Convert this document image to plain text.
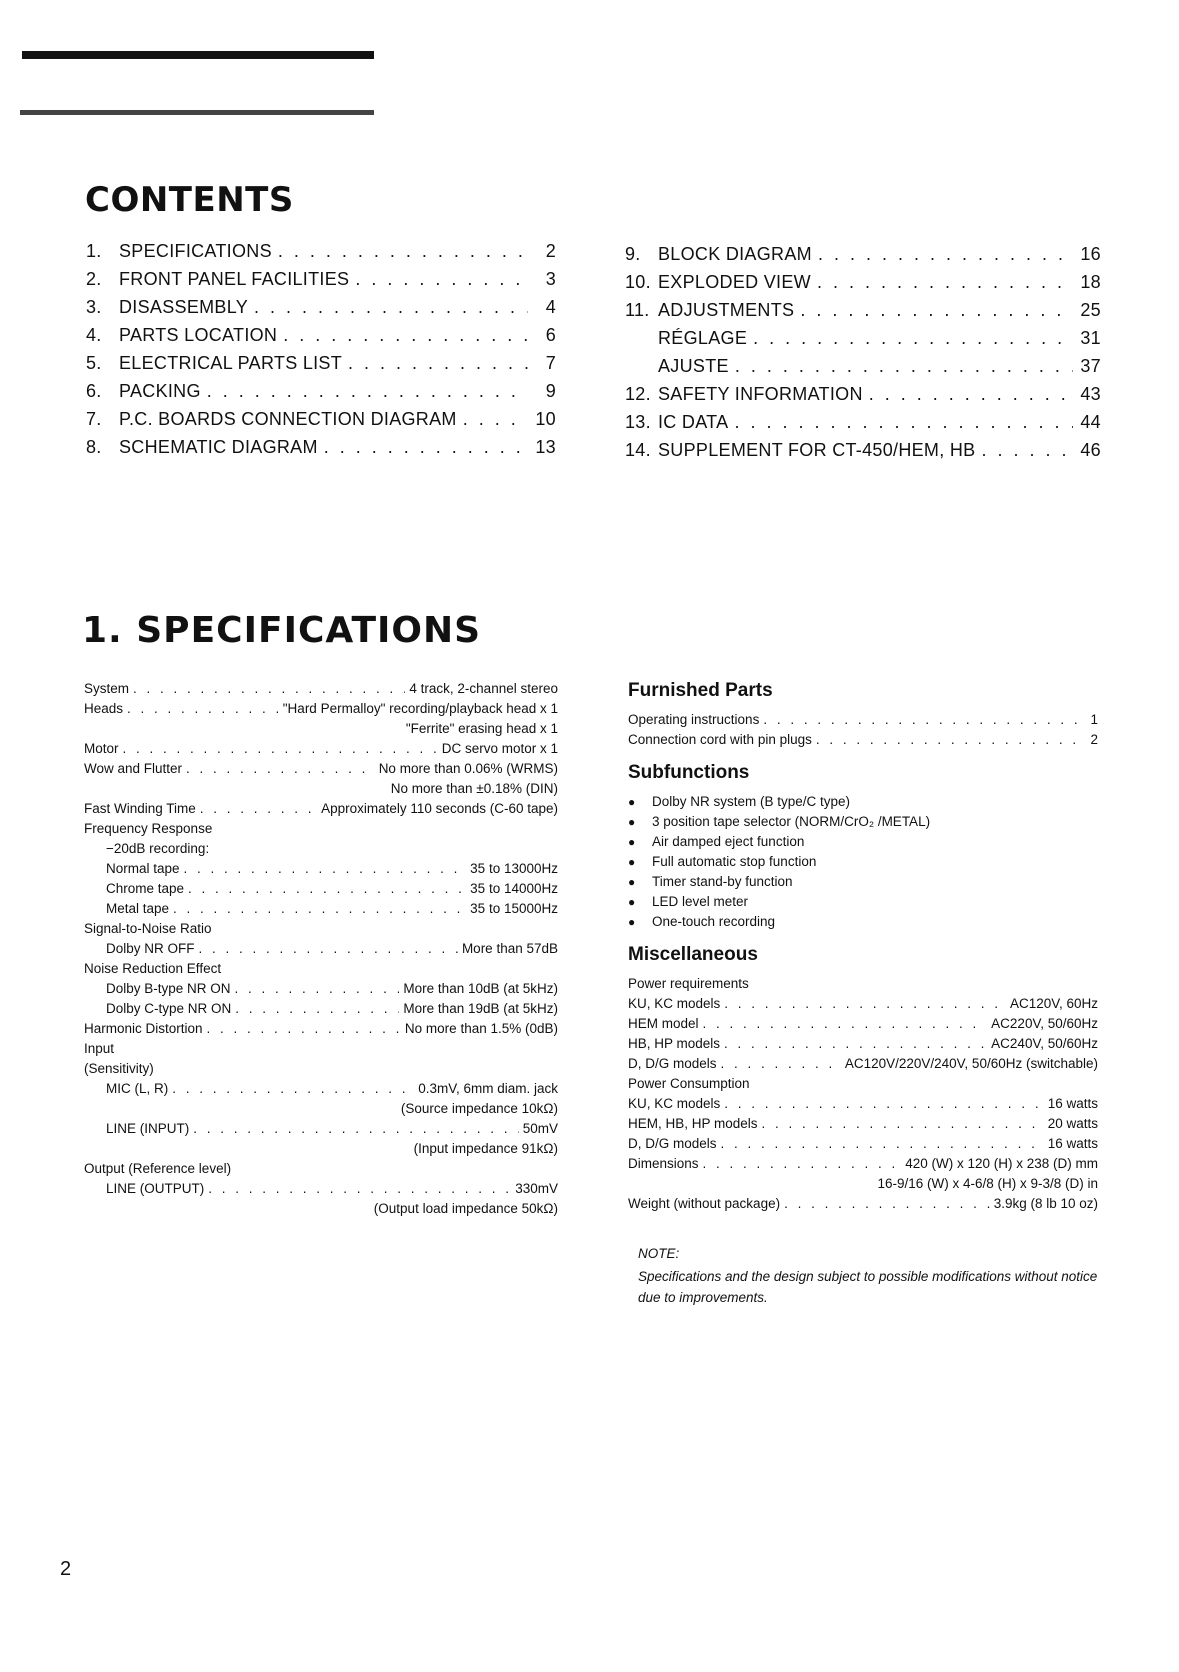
CONTENTS
1. SPECIFICATIONS . . .	2
2. FRONT PANEL FACILITIES . . .	3
3. DISASSEMBLY . . .	4
4. PARTS LOCATION . . .	6
5. ELECTRICAL PARTS LIST . . .	7
6. PACKING . . .	9
7. P.C. BOARDS CONNECTION DIAGRAM . . .	10
8. SCHEMATIC DIAGRAM . . .	13
9. BLOCK DIAGRAM . . .	16
10. EXPLODED VIEW . . .	18
11. ADJUSTMENTS . . .	25
RÉGLAGE . . .	31
AJUSTE . . .	37
12. SAFETY INFORMATION . . .	43
13. IC DATA . . .	44
14. SUPPLEMENT FOR CT-450/HEM, HB . . .	46
1. SPECIFICATIONS
System . . .	4 track, 2-channel stereo
Heads . . .	"Hard Permalloy" recording/playback head x 1
"Ferrite" erasing head x 1
Motor . . .	DC servo motor x 1
Wow and Flutter . . .	No more than 0.06% (WRMS)
No more than ±0.18% (DIN)
Fast Winding Time . . .	Approximately 110 seconds (C-60 tape)
Frequency Response
−20dB recording:
Normal tape . . .	35 to 13000Hz
Chrome tape . . .	35 to 14000Hz
Metal tape . . .	35 to 15000Hz
Signal-to-Noise Ratio
Dolby NR OFF . . .	More than 57dB
Noise Reduction Effect
Dolby B-type NR ON . . .	More than 10dB (at 5kHz)
Dolby C-type NR ON . . .	More than 19dB (at 5kHz)
Harmonic Distortion . . .	No more than 1.5% (0dB)
Input
(Sensitivity)
MIC (L, R) . . .	0.3mV, 6mm diam. jack
(Source impedance 10kΩ)
LINE (INPUT) . . .	50mV
(Input impedance 91kΩ)
Output (Reference level)
LINE (OUTPUT) . . .	330mV
(Output load impedance 50kΩ)
Furnished Parts
Operating instructions . . .	1
Connection cord with pin plugs . . .	2
Subfunctions
●	Dolby NR system (B type/C type)
●	3 position tape selector (NORM/CrO₂ /METAL)
●	Air damped eject function
●	Full automatic stop function
●	Timer stand-by function
●	LED level meter
●	One-touch recording
Miscellaneous
Power requirements
KU, KC models . . .	AC120V, 60Hz
HEM model . . .	AC220V, 50/60Hz
HB, HP models . . .	AC240V, 50/60Hz
D, D/G models . . .	AC120V/220V/240V, 50/60Hz (switchable)
Power Consumption
KU, KC models . . .	16 watts
HEM, HB, HP models . . .	20 watts
D, D/G models . . .	16 watts
Dimensions . . .	420 (W) x 120 (H) x 238 (D) mm
16-9/16 (W) x 4-6/8 (H) x 9-3/8 (D) in
Weight (without package) . . .	3.9kg (8 lb 10 oz)
NOTE:
Specifications and the design subject to possible modifications without notice due to improvements.
2
